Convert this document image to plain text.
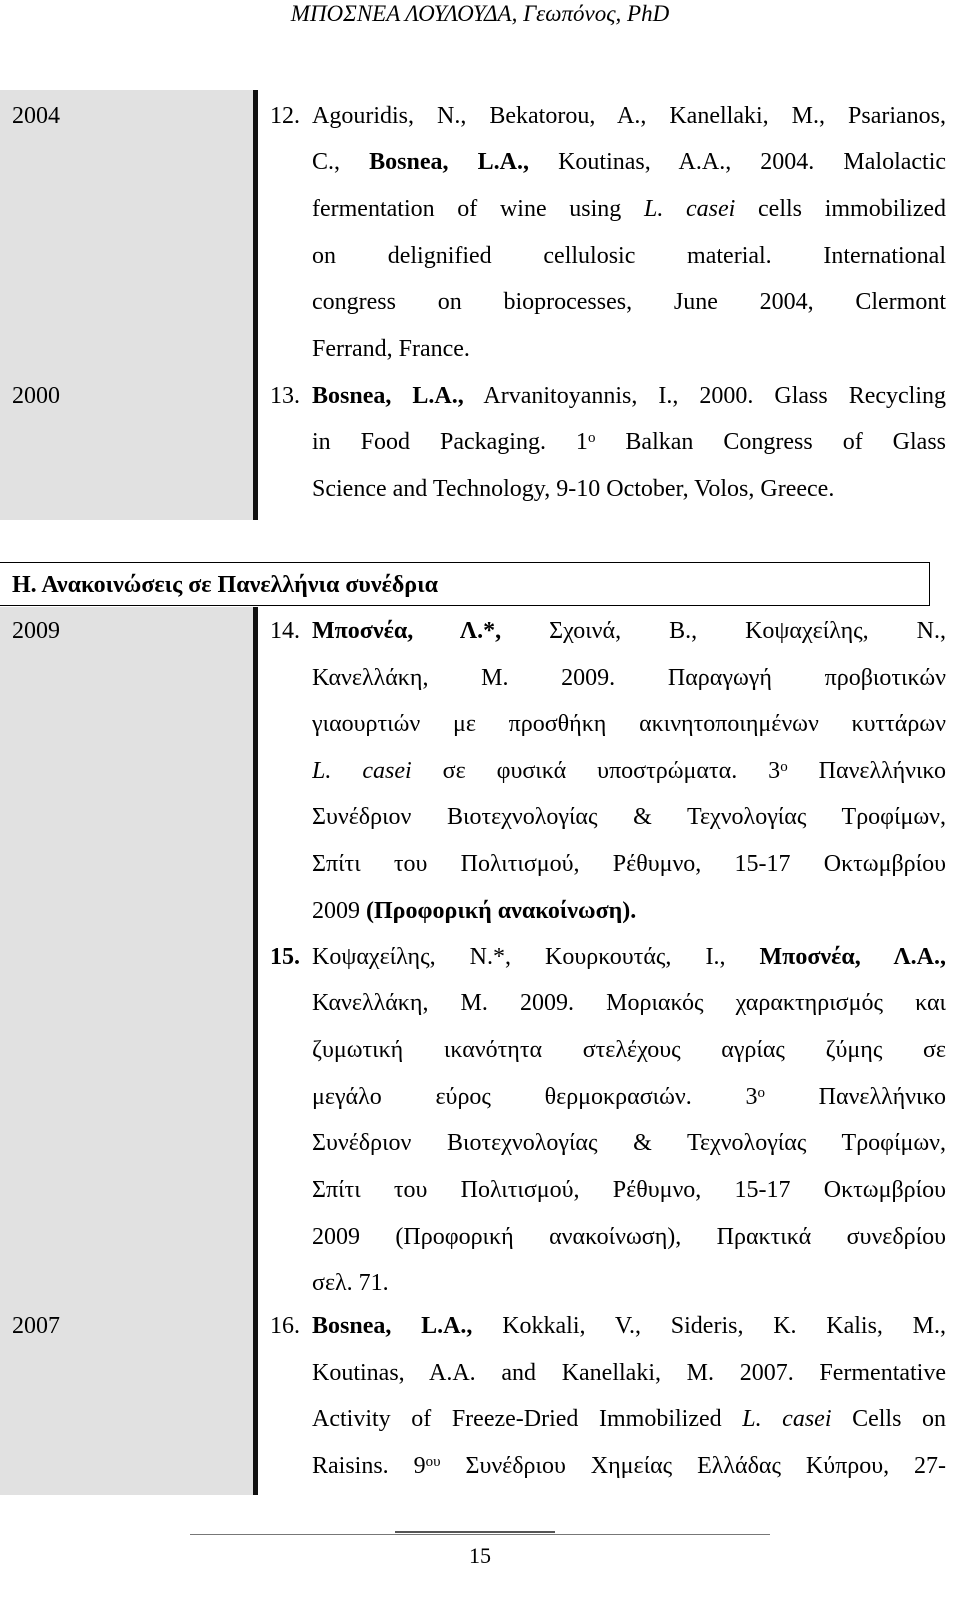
ΜΠΟΣΝΕΑ ΛΟΥΛΟΥΔΑ, Γεωπόνος, PhD
2004
2000
12. Agouridis, N., Bekatorou, A., Kanellaki, M., Psarianos,
C., Bosnea, L.A., Koutinas, A.A., 2004. Malolactic
fermentation of wine using L. casei cells immobilized
on delignified cellulosic material. International
congress on bioprocesses, June 2004, Clermont
Ferrand, France.
13. Bosnea, L.A., Arvanitoyannis, I., 2000. Glass Recycling
in Food Packaging. $1^o$ Balkan Congress of Glass
Science and Technology, 9-10 October, Volos, Greece.
Η. Ανακοινώσεις σε Πανελλήνια συνέδρια
2009
2007
14. Μποσνέα, Λ.*, Σχοινά, Β., Κοψαχείλης, Ν.,
Κανελλάκη, Μ. 2009. Παραγωγή προβιοτικών
γιαουρτιών με προσθήκη ακινητοποιημένων κυττάρων
L. casei σε φυσικά υποστρώματα. $3^o$ Πανελλήνικο
Συνέδριον Βιοτεχνολογίας & Τεχνολογίας Τροφίμων,
Σπίτι του Πολιτισμού, Ρέθυμνο, 15-17 Οκτωμβρίου
2009 (Προφορική ανακοίνωση).
15. Κοψαχείλης, Ν.*, Κουρκουτάς, Ι., Μποσνέα, Λ.Α.,
Κανελλάκη, Μ. 2009. Μοριακός χαρακτηρισμός και
ζυμωτική ικανότητα στελέχους αγρίας ζύμης σε
μεγάλο εύρος θερμοκρασιών. $3^o$ Πανελλήνικο
Συνέδριον Βιοτεχνολογίας & Τεχνολογίας Τροφίμων,
Σπίτι του Πολιτισμού, Ρέθυμνο, 15-17 Οκτωμβρίου
2009 (Προφορική ανακοίνωση), Πρακτικά συνεδρίου
σελ. 71.
16. Bosnea, L.A., Kokkali, V., Sideris, K. Kalis, M.,
Koutinas, A.A. and Kanellaki, M. 2007. Fermentative
Activity of Freeze-Dried Immobilized L. casei Cells on
Raisins. $9^{o\upsilon}$ Συνέδριου Χημείας Ελλάδας Κύπρου, 27-
15
